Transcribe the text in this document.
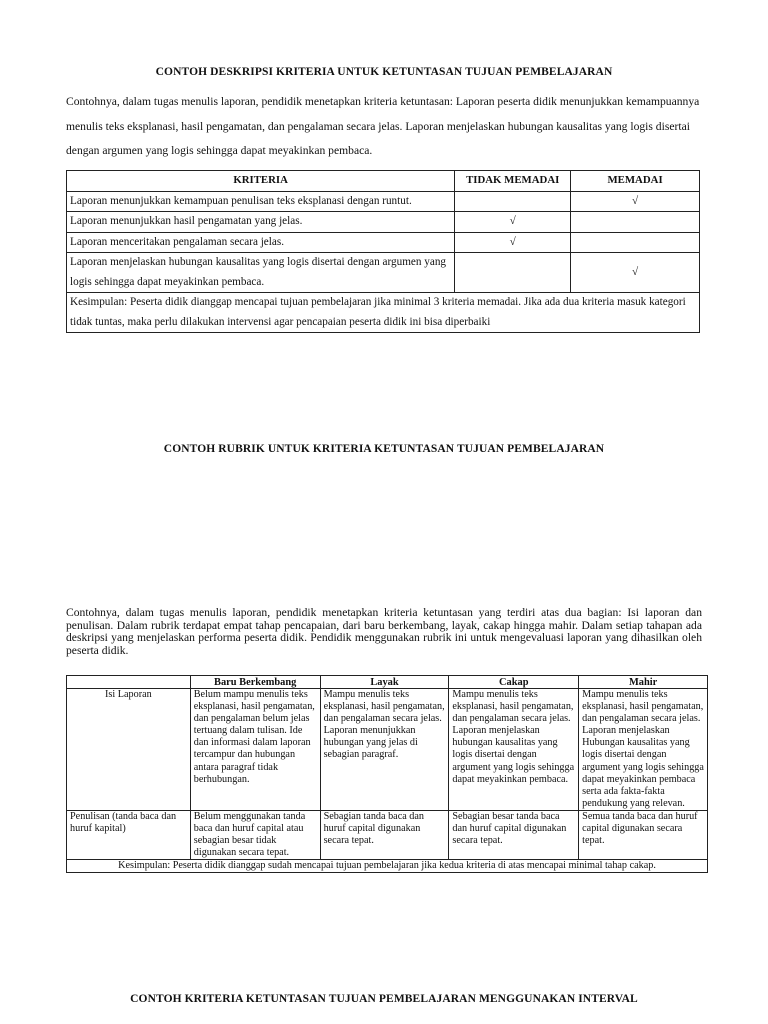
CONTOH DESKRIPSI KRITERIA UNTUK KETUNTASAN TUJUAN PEMBELAJARAN
Contohnya, dalam tugas menulis laporan, pendidik menetapkan kriteria ketuntasan: Laporan peserta didik menunjukkan kemampuannya menulis teks eksplanasi, hasil pengamatan, dan pengalaman secara jelas. Laporan menjelaskan hubungan kausalitas yang logis disertai dengan argumen yang logis sehingga dapat meyakinkan pembaca.
KRITERIA	TIDAK MEMADAI	MEMADAI
Laporan menunjukkan kemampuan penulisan teks eksplanasi dengan runtut.		√
Laporan menunjukkan hasil pengamatan yang jelas.	√	
Laporan menceritakan pengalaman secara jelas.	√	
Laporan menjelaskan hubungan kausalitas yang logis disertai dengan argumen yang logis sehingga dapat meyakinkan pembaca.		√
Kesimpulan: Peserta didik dianggap mencapai tujuan pembelajaran jika minimal 3 kriteria memadai. Jika ada dua kriteria masuk kategori tidak tuntas, maka perlu dilakukan intervensi agar pencapaian peserta didik ini bisa diperbaiki		
CONTOH RUBRIK UNTUK KRITERIA KETUNTASAN TUJUAN PEMBELAJARAN
Contohnya, dalam tugas menulis laporan, pendidik menetapkan kriteria ketuntasan yang terdiri atas dua bagian: Isi laporan dan penulisan. Dalam rubrik terdapat empat tahap pencapaian, dari baru berkembang, layak, cakap hingga mahir. Dalam setiap tahapan ada deskripsi yang menjelaskan performa peserta didik. Pendidik menggunakan rubrik ini untuk mengevaluasi laporan yang dihasilkan oleh peserta didik.
	Baru Berkembang	Layak	Cakap	Mahir
Isi Laporan	Belum mampu menulis teks eksplanasi, hasil pengamatan, dan pengalaman belum jelas tertuang dalam tulisan. Ide dan informasi dalam laporan tercampur dan hubungan antara paragraf tidak berhubungan.	Mampu menulis teks eksplanasi, hasil pengamatan, dan pengalaman secara jelas. Laporan menunjukkan hubungan yang jelas di sebagian paragraf.	Mampu menulis teks eksplanasi, hasil pengamatan, dan pengalaman secara jelas. Laporan menjelaskan hubungan kausalitas yang logis disertai dengan argument yang logis sehingga dapat meyakinkan pembaca.	Mampu menulis teks eksplanasi, hasil pengamatan, dan pengalaman secara jelas. Laporan menjelaskan Hubungan kausalitas yang logis disertai dengan argument yang logis sehingga dapat meyakinkan pembaca serta ada fakta-fakta pendukung yang relevan.
Penulisan (tanda baca dan huruf kapital)	Belum menggunakan tanda baca dan huruf capital atau sebagian besar tidak digunakan secara tepat.	Sebagian tanda baca dan huruf capital digunakan secara tepat.	Sebagian besar tanda baca dan huruf capital digunakan secara tepat.	Semua tanda baca dan huruf capital digunakan secara tepat.
Kesimpulan: Peserta didik dianggap sudah mencapai tujuan pembelajaran jika kedua kriteria di atas mencapai minimal tahap cakap.				
CONTOH KRITERIA KETUNTASAN TUJUAN PEMBELAJARAN MENGGUNAKAN INTERVAL
